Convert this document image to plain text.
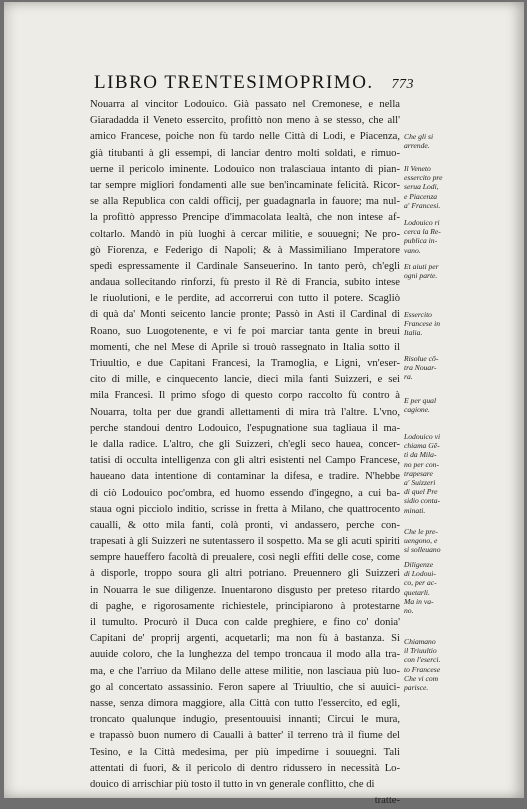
LIBRO TRENTESIMOPRIMO. 773
Nouarra al vincitor Lodouico. Già passato nel Cremonese, e nella
Giaradadda il Veneto essercito, profittò non meno à se stesso, che all'
amico Francese, poiche non fù tardo nelle Città di Lodi, e Piacenza,
già titubanti à gli essempi, di lanciar dentro molti soldati, e rimuo-
uerne il pericolo iminente. Lodouico non tralasciaua intanto di pian-
tar sempre migliori fondamenti alle sue ben'incaminate felicità. Ricor-
se alla Republica con caldi officij, per guadagnarla in fauore; ma nul-
la profittò appresso Prencipe d'immacolata lealtà, che non intese af-
coltarlo. Mandò in più luoghi à cercar militie, e souuegni; Ne pro-
gò Fiorenza, e Federigo di Napoli; & à Massimiliano Imperatore
spedì espressamente il Cardinale Sanseuerino. In tanto però, ch'egli
andaua sollecitando rinforzi, fù presto il Rè di Francia, subito intese
le riuolutioni, e le perdite, ad accorrerui con tutto il potere. Scagliò
di quà da' Monti seicento lancie pronte; Passò in Asti il Cardinal di
Roano, suo Luogotenente, e vi fe poi marciar tanta gente in breui
momenti, che nel Mese di Aprile si trouò rassegnato in Italia sotto il
Triuultio, e due Capitani Francesi, la Tramoglia, e Ligni, vn'eser-
cito di mille, e cinquecento lancie, dieci mila fanti Suizzeri, e sei
mila Francesi. Il primo sfogo di questo corpo raccolto fù contro à
Nouarra, tolta per due grandi allettamenti di mira trà l'altre. L'vno,
perche standoui dentro Lodouico, l'espugnatione sua tagliaua il ma-
le dalla radice. L'altro, che gli Suizzeri, ch'egli seco hauea, concer-
tatisi di occulta intelligenza con gli altri esistenti nel Campo Francese,
haueano data intentione di contaminar la difesa, e tradire. N'hebbe
di ciò Lodouico poc'ombra, ed huomo essendo d'ingegno, a cui ba-
staua ogni picciolo inditio, scrisse in fretta à Milano, che quattrocento
caualli, & otto mila fanti, colà pronti, vi andassero, perche con-
trapesati à gli Suizzeri ne sutentassero il sospetto. Ma se gli acuti spiriti
sempre haueffero facoltà di preualere, così negli effiti delle cose, come
à disporle, troppo soura gli altri potriano. Preuennero gli Suizzeri
in Nouarra le sue diligenze. Inuentarono disgusto per preteso ritardo
di paghe, e rigorosamente richiestele, principiarono à protestarne
il tumulto. Procurò il Duca con calde preghiere, e fino co' donia'
Capitani de' proprij argenti, acquetarli; ma non fù à bastanza. Si
auuide coloro, che la lunghezza del tempo troncaua il modo alla tra-
ma, e che l'arriuo da Milano delle attese militie, non lasciaua più luo-
go al concertato assassinio. Feron sapere al Triuultio, che si auuici-
nasse, senza dimora maggiore, alla Città con tutto l'essercito, ed egli,
troncato qualunque indugio, presentouuisi innanti; Circui le mura,
e trapassò buon numero di Caualli à batter' il terreno trà il fiume del
Tesino, e la Città medesima, per più impedirne i souuegni. Tali
attentati di fuori, & il pericolo di dentro ridussero in necessità Lo-
douico di arrischiar più tosto il tutto in vn generale conflitto, che di
tratte-
Che gli si
arrende.
Il Veneto
essercito pre
serua Lodi,
e Piacenza
a' Francesi.
Lodouico ri
cerca la Re-
publica in-
vano.
Et aiuti per
ogni parte.
Essercito
Francese in
Italia.
Risolue cō-
tra Nouar-
ra.
E per qual
cagione.
Lodouico vi
chiama Gē-
ti da Mila-
no per con-
trapesare
a' Suizzeri
di quel Pre
sidio conta-
minati.
Che le pre-
uengono, e
si solleuano
Diligenze
di Lodoui-
co, per ac-
quetarli.
Ma in va-
no.
Chiamano
il Triuultio
con l'eserci.
to Francese
Che vi com
parisce.
